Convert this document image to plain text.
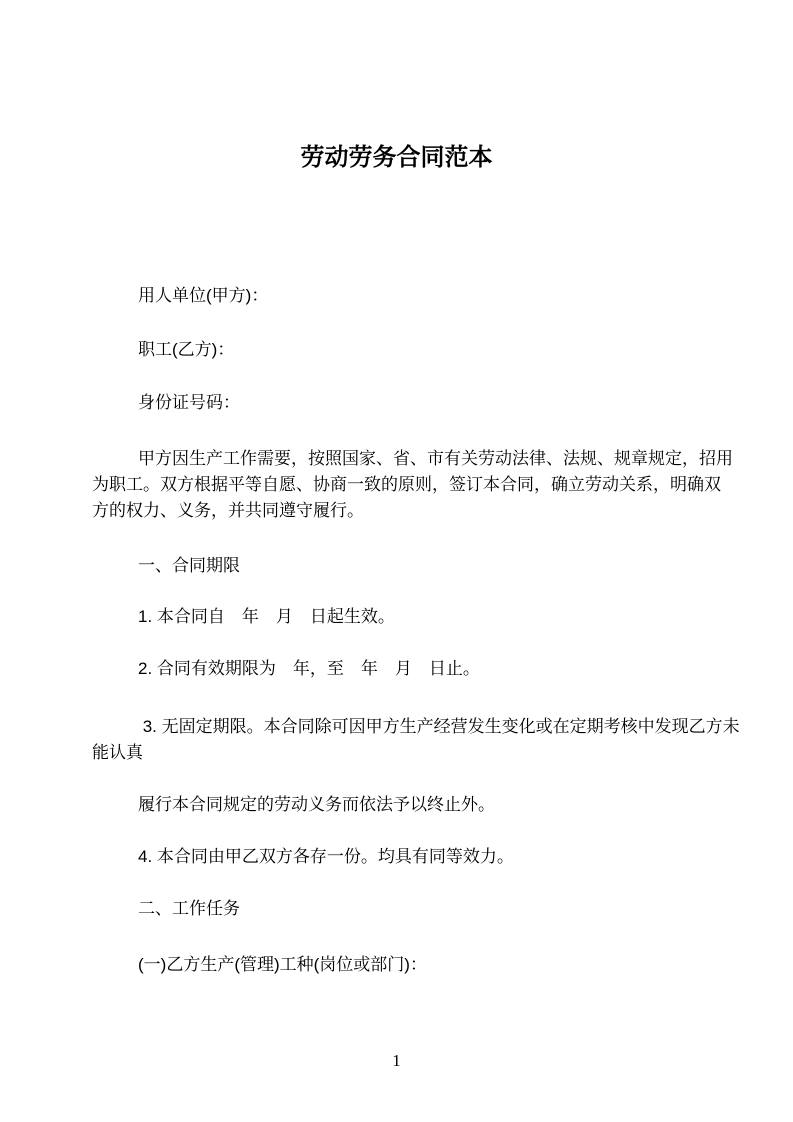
劳动劳务合同范本
用人单位(甲方)：
职工(乙方)：
身份证号码：
甲方因生产工作需要，按照国家、省、市有关劳动法律、法规、规章规定，招用
为职工。双方根据平等自愿、协商一致的原则，签订本合同，确立劳动关系，明确双
方的权力、义务，并共同遵守履行。
一、合同期限
1. 本合同自　年　月　日起生效。
2. 合同有效期限为　年，至　年　月　日止。
3. 无固定期限。本合同除可因甲方生产经营发生变化或在定期考核中发现乙方未
能认真
履行本合同规定的劳动义务而依法予以终止外。
4. 本合同由甲乙双方各存一份。均具有同等效力。
二、工作任务
(一)乙方生产(管理)工种(岗位或部门)：
1
